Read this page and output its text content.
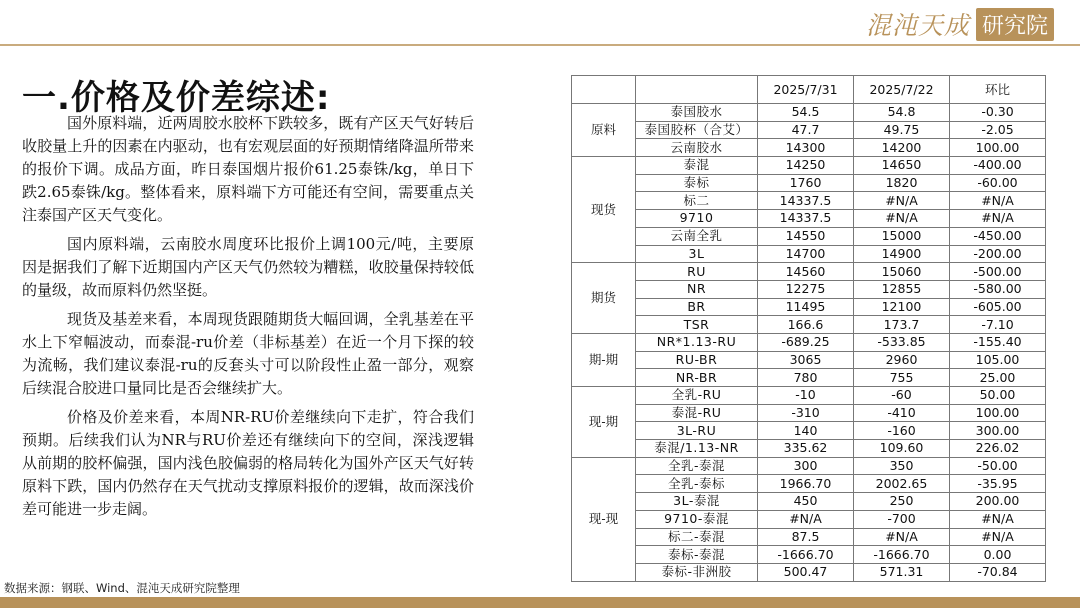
混沌天成 研究院
一.价格及价差综述:

国外原料端，近两周胶水胶杯下跌较多，既有产区天气好转后收胶量上升的因素在内驱动，也有宏观层面的好预期情绪降温所带来的报价下调。成品方面，昨日泰国烟片报价61.25泰铢/kg，单日下跌2.65泰铢/kg。整体看来，原料端下方可能还有空间，需要重点关注泰国产区天气变化。

国内原料端，云南胶水周度环比报价上调100元/吨，主要原因是据我们了解下近期国内产区天气仍然较为糟糕，收胶量保持较低的量级，故而原料仍然坚挺。

现货及基差来看，本周现货跟随期货大幅回调，全乳基差在平水上下窄幅波动，而泰混-ru价差（非标基差）在近一个月下探的较为流畅，我们建议泰混-ru的反套头寸可以阶段性止盈一部分，观察后续混合胶进口量同比是否会继续扩大。

价格及价差来看，本周NR-RU价差继续向下走扩，符合我们预期。后续我们认为NR与RU价差还有继续向下的空间，深浅逻辑从前期的胶杯偏强，国内浅色胶偏弱的格局转化为国外产区天气好转原料下跌，国内仍然存在天气扰动支撑原料报价的逻辑，故而深浅价差可能进一步走阔。

		2025/7/31	2025/7/22	环比
原料	泰国胶水	54.5	54.8	-0.30
	泰国胶杯（合艾）	47.7	49.75	-2.05
	云南胶水	14300	14200	100.00
现货	泰混	14250	14650	-400.00
	泰标	1760	1820	-60.00
	标二	14337.5	#N/A	#N/A
	9710	14337.5	#N/A	#N/A
	云南全乳	14550	15000	-450.00
	3L	14700	14900	-200.00
期货	RU	14560	15060	-500.00
	NR	12275	12855	-580.00
	BR	11495	12100	-605.00
	TSR	166.6	173.7	-7.10
期-期	NR*1.13-RU	-689.25	-533.85	-155.40
	RU-BR	3065	2960	105.00
	NR-BR	780	755	25.00
现-期	全乳-RU	-10	-60	50.00
	泰混-RU	-310	-410	100.00
	3L-RU	140	-160	300.00
	泰混/1.13-NR	335.62	109.60	226.02
现-现	全乳-泰混	300	350	-50.00
	全乳-泰标	1966.70	2002.65	-35.95
	3L-泰混	450	250	200.00
	9710-泰混	#N/A	-700	#N/A
	标二-泰混	87.5	#N/A	#N/A
	泰标-泰混	-1666.70	-1666.70	0.00
	泰标-非洲胶	500.47	571.31	-70.84
数据来源：钢联、Wind、混沌天成研究院整理
